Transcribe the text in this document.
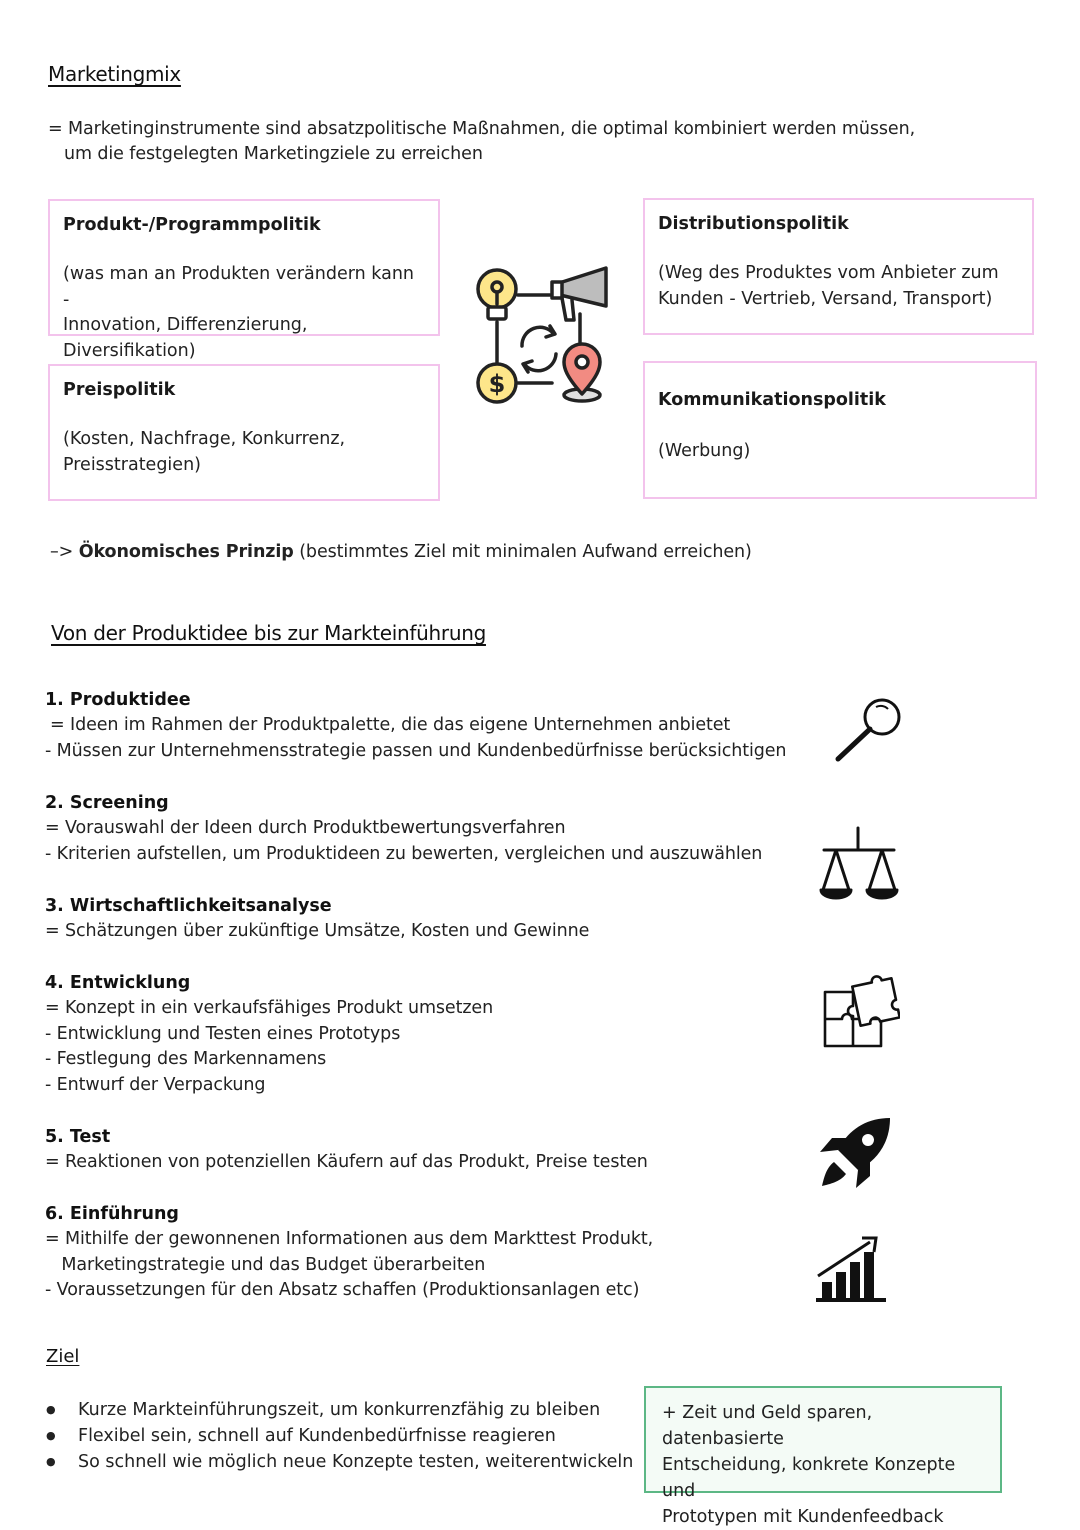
Marketingmix
= Marketinginstrumente sind absatzpolitische Maßnahmen, die optimal kombiniert werden müssen,
um die festgelegten Marketingziele zu erreichen
Produkt-/Programmpolitik
(was man an Produkten verändern kann -
Innovation, Differenzierung, Diversifikation)
Distributionspolitik
(Weg des Produktes vom Anbieter zum
Kunden - Vertrieb, Versand, Transport)
Preispolitik
(Kosten, Nachfrage, Konkurrenz,
Preisstrategien)
Kommunikationspolitik
(Werbung)
$
–> Ökonomisches Prinzip (bestimmtes Ziel mit minimalen Aufwand erreichen)
Von der Produktidee bis zur Markteinführung
1. Produktidee
= Ideen im Rahmen der Produktpalette, die das eigene Unternehmen anbietet
- Müssen zur Unternehmensstrategie passen und Kundenbedürfnisse berücksichtigen
2. Screening
= Vorauswahl der Ideen durch Produktbewertungsverfahren
- Kriterien aufstellen, um Produktideen zu bewerten, vergleichen und auszuwählen
3. Wirtschaftlichkeitsanalyse
= Schätzungen über zukünftige Umsätze, Kosten und Gewinne
4. Entwicklung
= Konzept in ein verkaufsfähiges Produkt umsetzen
- Entwicklung und Testen eines Prototyps
- Festlegung des Markennamens
- Entwurf der Verpackung
5. Test
= Reaktionen von potenziellen Käufern auf das Produkt, Preise testen
6. Einführung
= Mithilfe der gewonnenen Informationen aus dem Markttest Produkt,
Marketingstrategie und das Budget überarbeiten
- Voraussetzungen für den Absatz schaffen (Produktionsanlagen etc)
Ziel
● Kurze Markteinführungszeit, um konkurrenzfähig zu bleiben
● Flexibel sein, schnell auf Kundenbedürfnisse reagieren
● So schnell wie möglich neue Konzepte testen, weiterentwickeln
+ Zeit und Geld sparen, datenbasierte
Entscheidung, konkrete Konzepte und
Prototypen mit Kundenfeedback
